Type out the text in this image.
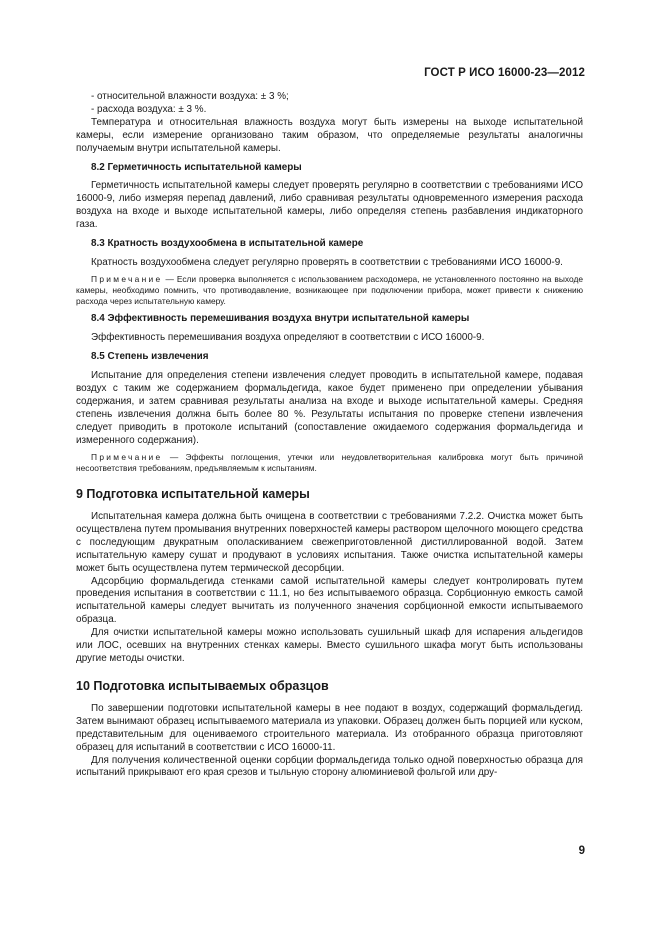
ГОСТ Р ИСО 16000-23—2012

- относительной влажности воздуха: ± 3 %;

- расхода воздуха: ± 3 %.

Температура и относительная влажность воздуха могут быть измерены на выходе испытательной камеры, если измерение организовано таким образом, что определяемые результаты аналогичны получаемым внутри испытательной камеры.

8.2 Герметичность испытательной камеры

Герметичность испытательной камеры следует проверять регулярно в соответствии с требованиями ИСО 16000-9, либо измеряя перепад давлений, либо сравнивая результаты одновременного измерения расхода воздуха на входе и выходе испытательной камеры, либо определяя степень разбавления индикаторного газа.

8.3 Кратность воздухообмена в испытательной камере

Кратность воздухообмена следует регулярно проверять в соответствии с требованиями ИСО 16000-9.

Примечание — Если проверка выполняется с использованием расходомера, не установленного постоянно на выходе камеры, необходимо помнить, что противодавление, возникающее при подключении прибора, может привести к снижению расхода через испытательную камеру.
8.4 Эффективность перемешивания воздуха внутри испытательной камеры

Эффективность перемешивания воздуха определяют в соответствии с ИСО 16000-9.

8.5 Степень извлечения

Испытание для определения степени извлечения следует проводить в испытательной камере, подавая воздух с таким же содержанием формальдегида, какое будет применено при определении убывания содержания, и затем сравнивая результаты анализа на входе и выходе испытательной камеры. Средняя степень извлечения должна быть более 80 %. Результаты испытания по проверке степени извлечения следует приводить в протоколе испытаний (сопоставление ожидаемого содержания формальдегида и измеренного содержания).

Примечание — Эффекты поглощения, утечки или неудовлетворительная калибровка могут быть причиной несоответствия требованиям, предъявляемым к испытаниям.
9 Подготовка испытательной камеры

Испытательная камера должна быть очищена в соответствии с требованиями 7.2.2. Очистка может быть осуществлена путем промывания внутренних поверхностей камеры раствором щелочного моющего средства с последующим двукратным ополаскиванием свежеприготовленной дистиллированной водой. Затем испытательную камеру сушат и продувают в условиях испытания. Также очистка испытательной камеры может быть осуществлена путем термической десорбции.

Адсорбцию формальдегида стенками самой испытательной камеры следует контролировать путем проведения испытания в соответствии с 11.1, но без испытываемого образца. Сорбционную емкость самой испытательной камеры следует вычитать из полученного значения сорбционной емкости испытываемого образца.

Для очистки испытательной камеры можно использовать сушильный шкаф для испарения альдегидов или ЛОС, осевших на внутренних стенках камеры. Вместо сушильного шкафа могут быть использованы другие методы очистки.

10 Подготовка испытываемых образцов

По завершении подготовки испытательной камеры в нее подают в воздух, содержащий формальдегид. Затем вынимают образец испытываемого материала из упаковки. Образец должен быть порцией или куском, представительным для оцениваемого строительного материала. Из отобранного образца приготовляют образец для испытаний в соответствии с ИСО 16000-11.

Для получения количественной оценки сорбции формальдегида только одной поверхностью образца для испытаний прикрывают его края срезов и тыльную сторону алюминиевой фольгой или дру-

9
